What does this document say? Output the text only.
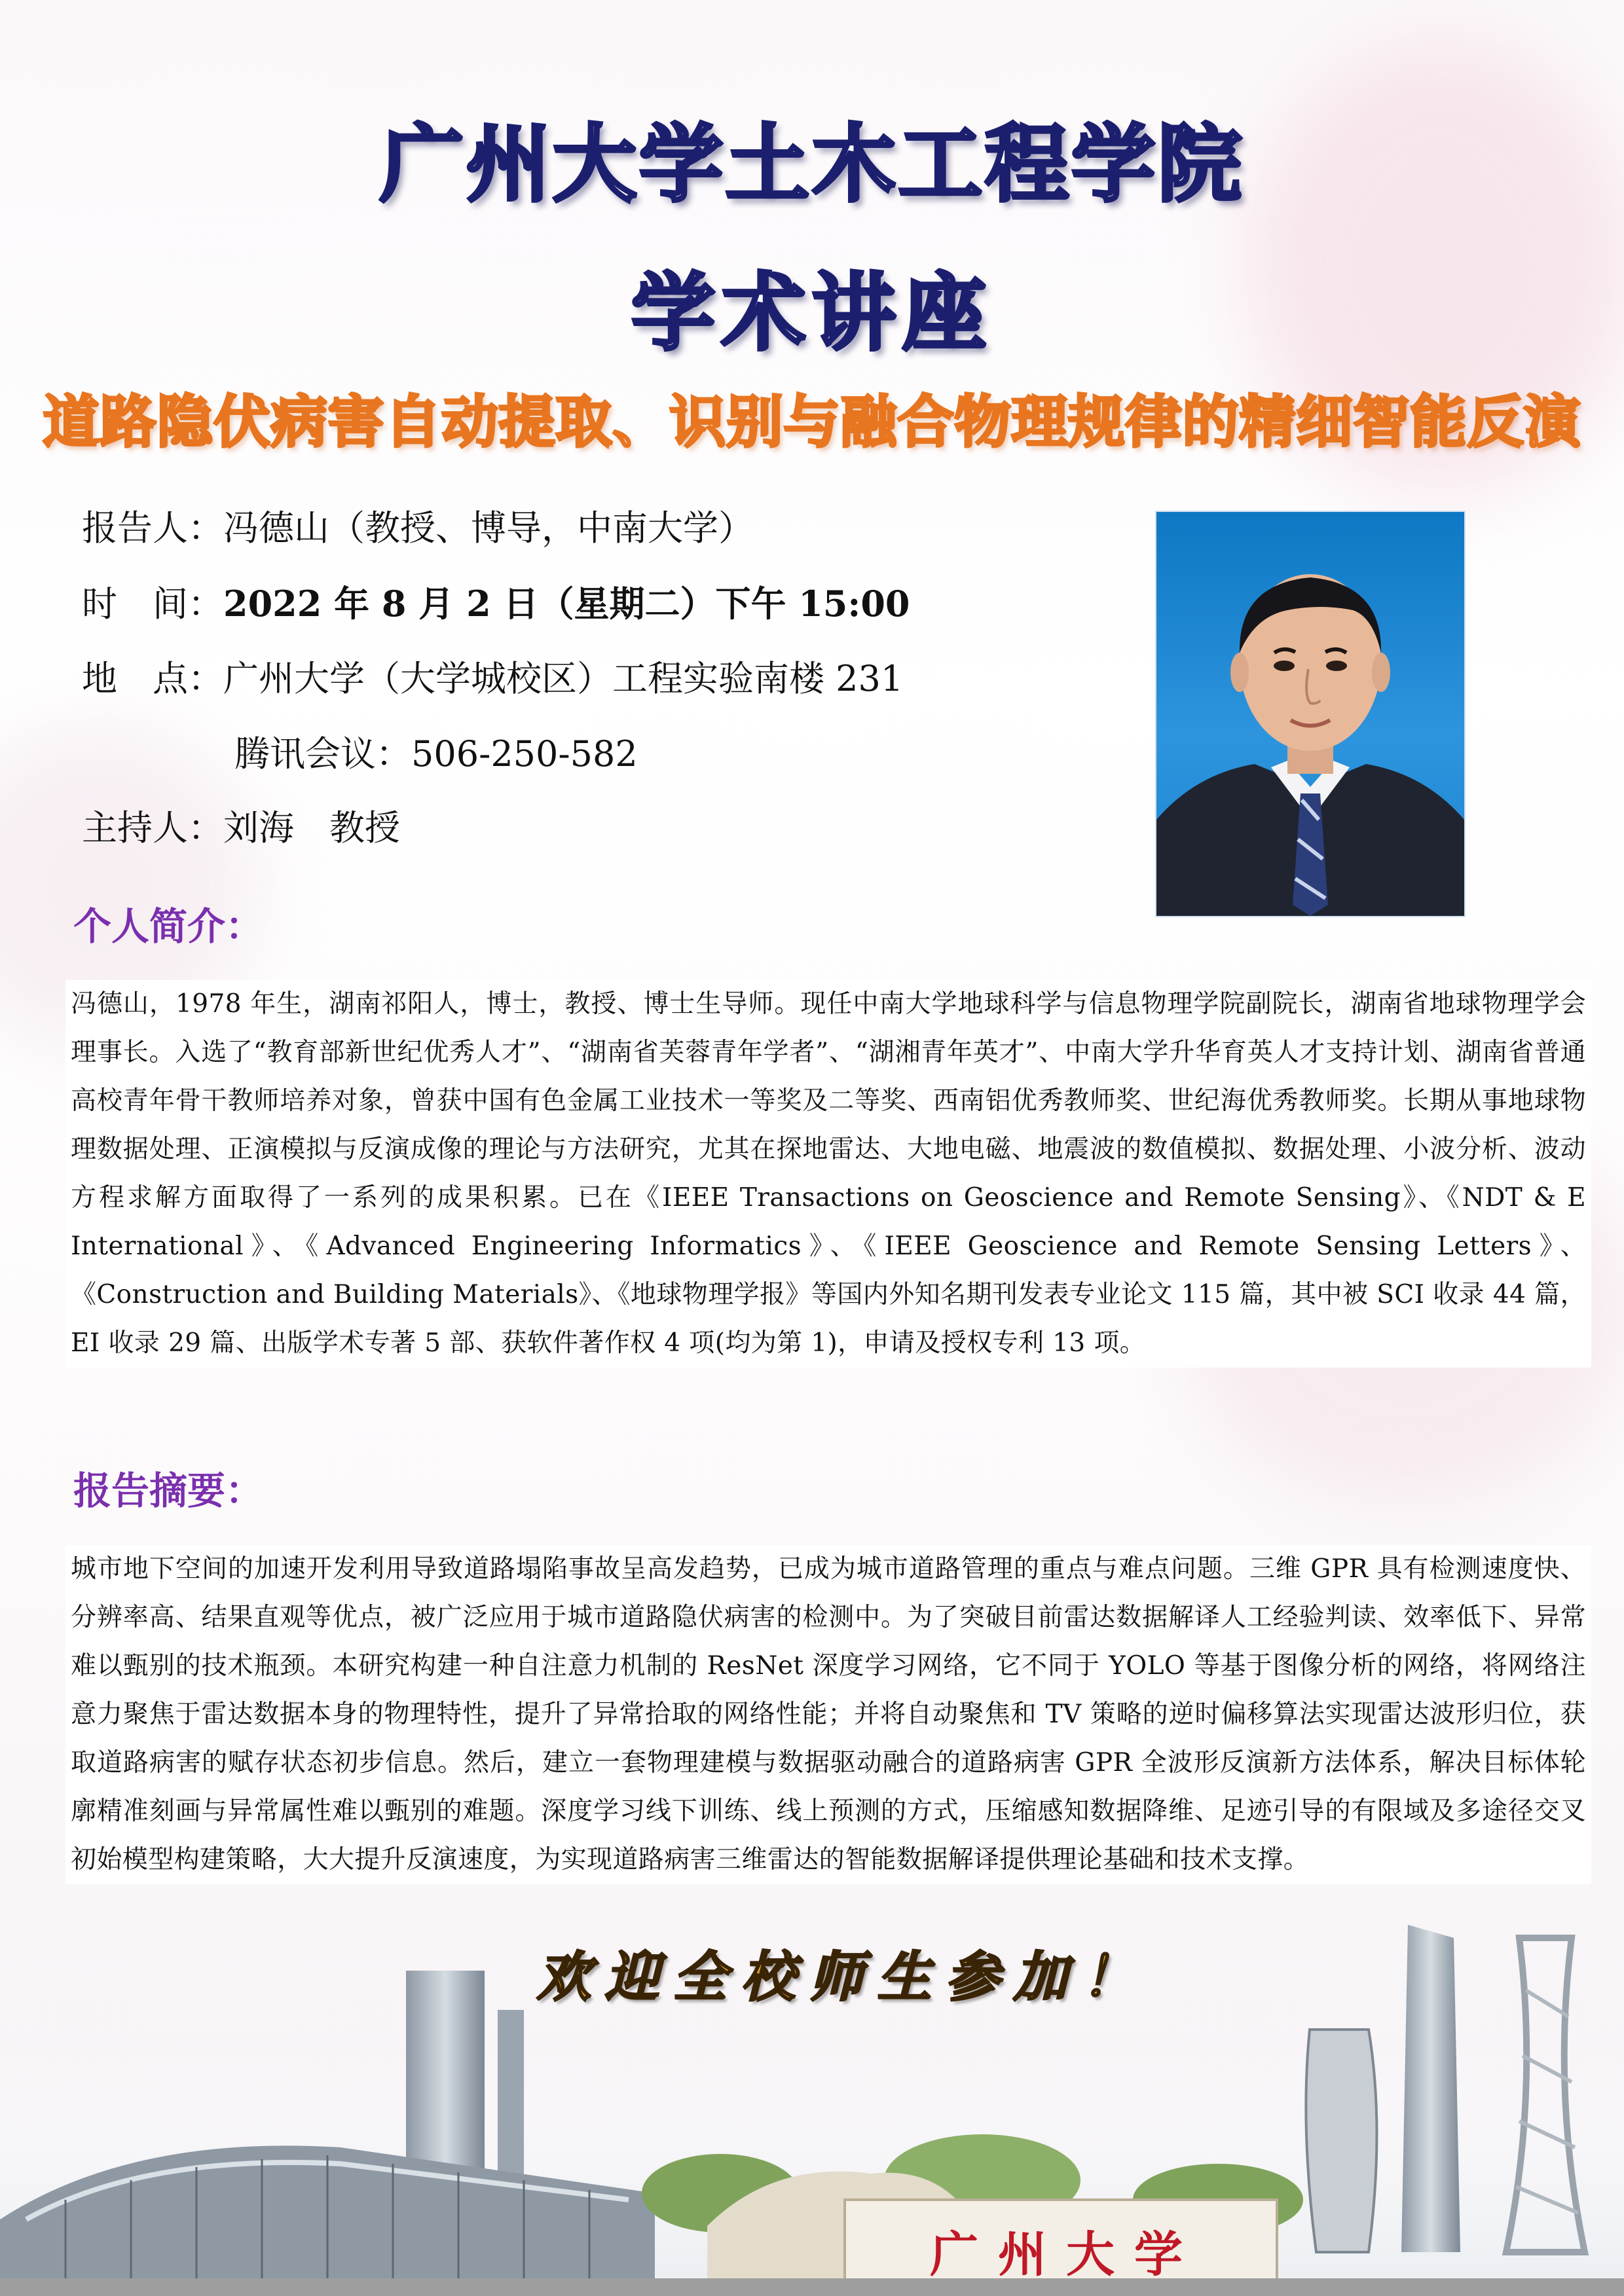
广州大学土木工程学院
学术讲座
道路隐伏病害自动提取、识别与融合物理规律的精细智能反演
报告人：冯德山（教授、博导，中南大学）
时　间：2022 年 8 月 2 日（星期二）下午 15:00
地　点：广州大学（大学城校区）工程实验南楼 231
腾讯会议：506-250-582
主持人：刘海　教授
个人简介：

冯德山，1978 年生，湖南祁阳人，博士，教授、博士生导师。现任中南大学地球科学与信息物理学院副院长，湖南省地球物理学会理事长。入选了“教育部新世纪优秀人才”、“湖南省芙蓉青年学者”、“湖湘青年英才”、中南大学升华育英人才支持计划、湖南省普通高校青年骨干教师培养对象，曾获中国有色金属工业技术一等奖及二等奖、西南铝优秀教师奖、世纪海优秀教师奖。长期从事地球物理数据处理、正演模拟与反演成像的理论与方法研究，尤其在探地雷达、大地电磁、地震波的数值模拟、数据处理、小波分析、波动方程求解方面取得了一系列的成果积累。已在《IEEE Transactions on Geoscience and Remote Sensing》、《NDT & E International》、《Advanced Engineering Informatics》、《IEEE Geoscience and Remote Sensing Letters》、《Construction and Building Materials》、《地球物理学报》等国内外知名期刊发表专业论文 115 篇，其中被 SCI 收录 44 篇，EI 收录 29 篇、出版学术专著 5 部、获软件著作权 4 项(均为第 1)，申请及授权专利 13 项。

报告摘要：

城市地下空间的加速开发利用导致道路塌陷事故呈高发趋势，已成为城市道路管理的重点与难点问题。三维 GPR 具有检测速度快、分辨率高、结果直观等优点，被广泛应用于城市道路隐伏病害的检测中。为了突破目前雷达数据解译人工经验判读、效率低下、异常难以甄别的技术瓶颈。本研究构建一种自注意力机制的 ResNet 深度学习网络，它不同于 YOLO 等基于图像分析的网络，将网络注意力聚焦于雷达数据本身的物理特性，提升了异常拾取的网络性能；并将自动聚焦和 TV 策略的逆时偏移算法实现雷达波形归位，获取道路病害的赋存状态初步信息。然后，建立一套物理建模与数据驱动融合的道路病害 GPR 全波形反演新方法体系，解决目标体轮廓精准刻画与异常属性难以甄别的难题。深度学习线下训练、线上预测的方式，压缩感知数据降维、足迹引导的有限域及多途径交叉初始模型构建策略，大大提升反演速度，为实现道路病害三维雷达的智能数据解译提供理论基础和技术支撑。

欢迎全校师生参加！
广州大学
